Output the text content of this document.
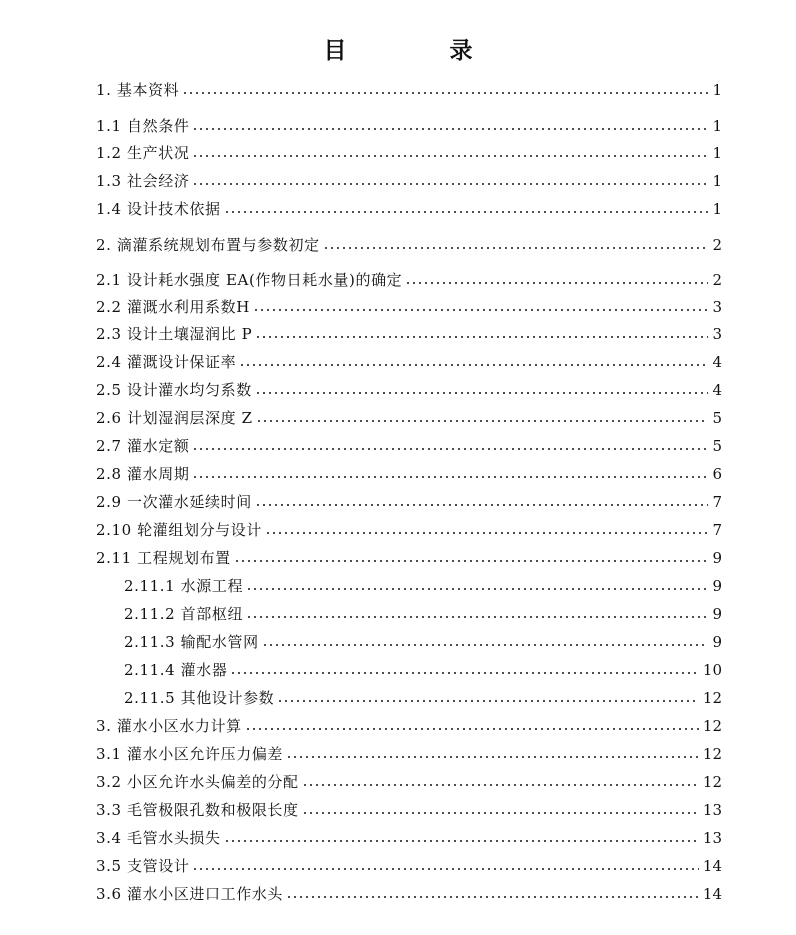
目　录
1. 基本资料	1
1.1 自然条件	1
1.2 生产状况	1
1.3 社会经济	1
1.4 设计技术依据	1
2. 滴灌系统规划布置与参数初定	2
2.1 设计耗水强度 EA(作物日耗水量)的确定	2
2.2 灌溉水利用系数H	3
2.3 设计土壤湿润比 P	3
2.4 灌溉设计保证率	4
2.5 设计灌水均匀系数	4
2.6 计划湿润层深度 Z	5
2.7 灌水定额	5
2.8 灌水周期	6
2.9 一次灌水延续时间	7
2.10 轮灌组划分与设计	7
2.11 工程规划布置	9
2.11.1 水源工程	9
2.11.2 首部枢纽	9
2.11.3 输配水管网	9
2.11.4 灌水器	10
2.11.5 其他设计参数	12
3. 灌水小区水力计算	12
3.1 灌水小区允许压力偏差	12
3.2 小区允许水头偏差的分配	12
3.3 毛管极限孔数和极限长度	13
3.4 毛管水头损失	13
3.5 支管设计	14
3.6 灌水小区进口工作水头	14
